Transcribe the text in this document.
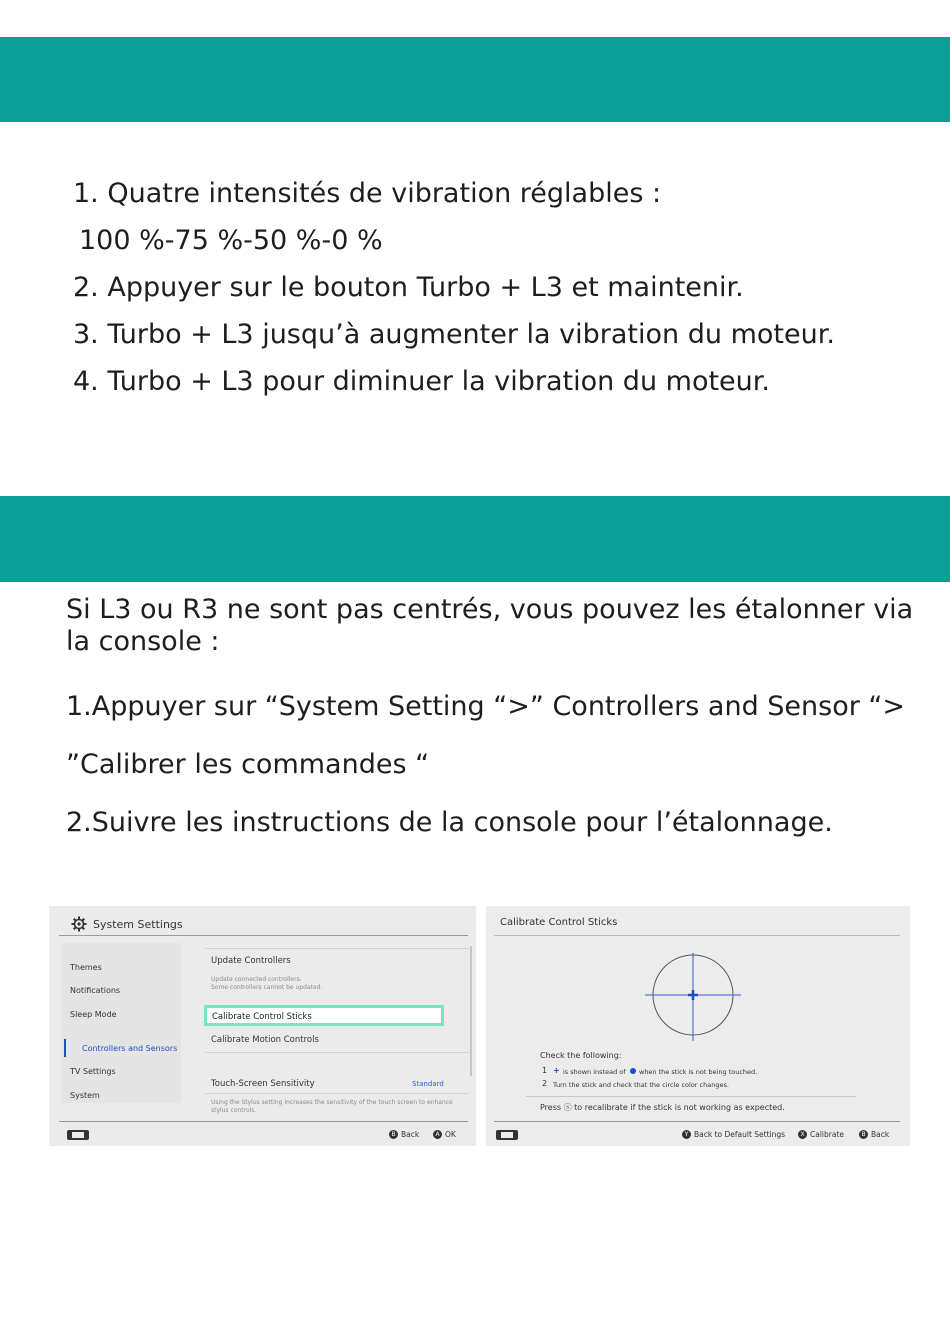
1. Quatre intensités de vibration réglables :
100 %-75 %-50 %-0 %
2. Appuyer sur le bouton Turbo + L3 et maintenir.
3. Turbo + L3 jusqu’à augmenter la vibration du moteur.
4. Turbo + L3 pour diminuer la vibration du moteur.

Si L3 ou R3 ne sont pas centrés, vous pouvez les étalonner via la console :

1.Appuyer sur “System Setting “>” Controllers and Sensor “>

”Calibrer les commandes “

2.Suivre les instructions de la console pour l’étalonnage.

System Settings
Themes
Notifications
Sleep Mode
Controllers and Sensors
TV Settings
System
Update Controllers
Update connected controllers.
Some controllers cannot be updated.
Calibrate Control Sticks
Calibrate Motion Controls
Touch-Screen Sensitivity	Standard
Using the Stylus setting increases the sensitivity of the touch screen to enhance
stylus controls.
B Back	A OK
Calibrate Control Sticks
Check the following:
1 + is shown instead of when the stick is not being touched.
2 Turn the stick and check that the circle color changes.
Press ⓢ to recalibrate if the stick is not working as expected.
Y Back to Default Settings	X Calibrate	B Back
